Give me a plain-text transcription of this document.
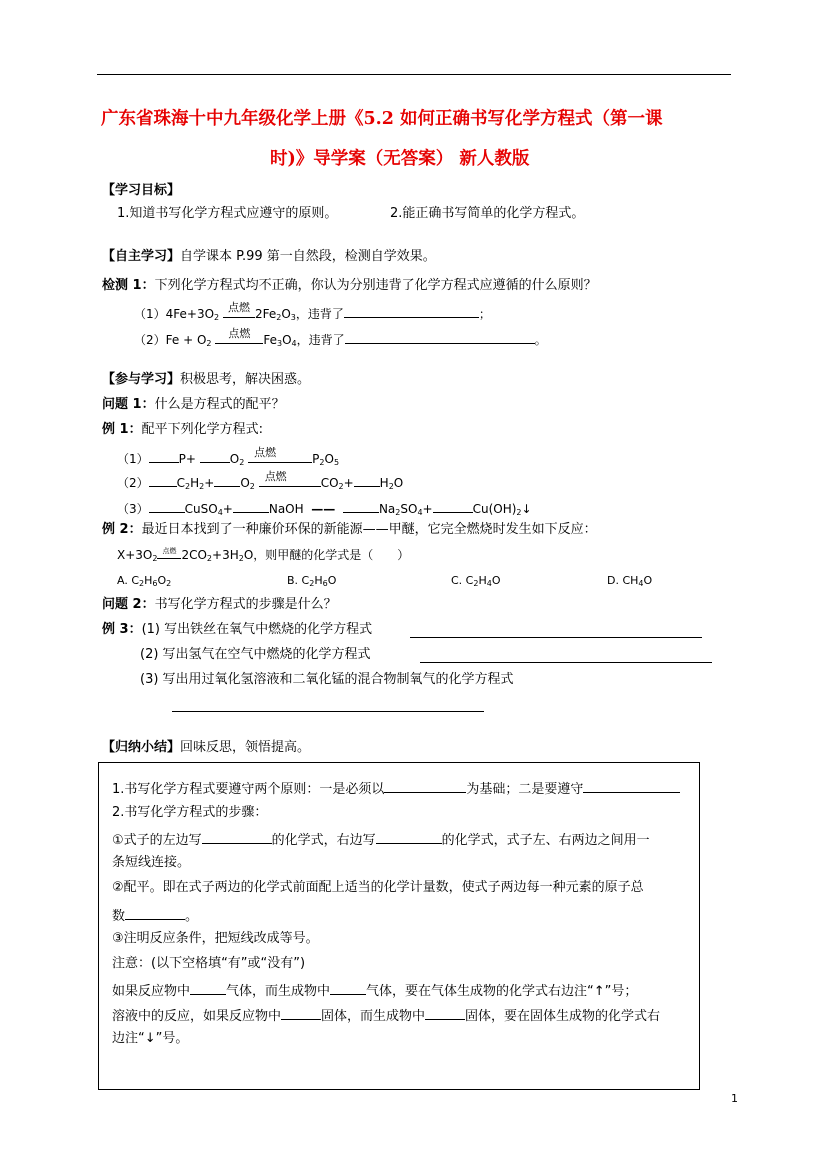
广东省珠海十中九年级化学上册《5.2 如何正确书写化学方程式（第一课
时)》导学案（无答案） 新人教版
【学习目标】
1.知道书写化学方程式应遵守的原则。	2.能正确书写简单的化学方程式。
【自主学习】自学课本 P.99 第一自然段，检测自学效果。
检测 1：下列化学方程式均不正确，你认为分别违背了化学方程式应遵循的什么原则？
$(1)4Fe+3O_2$
点燃 $2Fe_2O_3$，违背了	；
$(2)Fe + O_2$
点燃	$Fe_3O_4$，违背了	。
【参与学习】积极思考，解决困惑。
问题 1：什么是方程式的配平？
例 1：配平下列化学方程式:
（1）	P+	$O_2$
点燃	$P_2O_5$
（2） $C_2H_2+ O_2$
点燃	$CO_2+ H_2O$
（3）	CuSO$_4$+	NaOH ——	$Na_2SO_4+$	$Cu(OH)_2↓$
例 2：最近日本找到了一种廉价环保的新能源——甲醚，它完全燃烧时发生如下反应：
$X+3O_2$
点燃 $2CO_2+3H_2O$，则甲醚的化学式是（　　）
A. $C_2H_6O_2$	B. $C_2H_6O$	C. $C_2H_4O$	D. $CH_4O$
问题 2：书写化学方程式的步骤是什么？
例 3：(1) 写出铁丝在氧气中燃烧的化学方程式
(2) 写出氢气在空气中燃烧的化学方程式
(3) 写出用过氧化氢溶液和二氧化锰的混合物制氧气的化学方程式
【归纳小结】回味反思，领悟提高。
1.书写化学方程式要遵守两个原则：一是必须以	为基础；二是要遵守
2.书写化学方程式的步骤：
①式子的左边写	的化学式，右边写	的化学式，式子左、右两边之间用一
条短线连接。
②配平。即在式子两边的化学式前面配上适当的化学计量数，使式子两边每一种元素的原子总
数	。
③注明反应条件，把短线改成等号。
注意：(以下空格填“有”或“没有”)
如果反应物中	气体，而生成物中	气体，要在气体生成物的化学式右边注“↑”号；
溶液中的反应，如果反应物中	固体，而生成物中	固体，要在固体生成物的化学式右
边注“↓”号。
1
